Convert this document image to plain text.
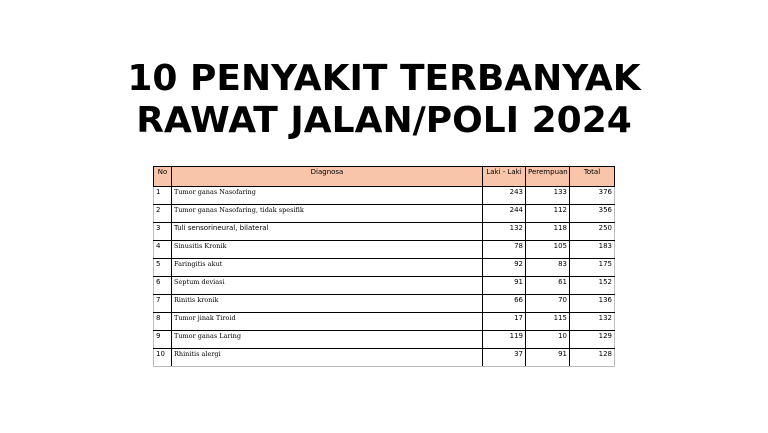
10 PENYAKIT TERBANYAK
RAWAT JALAN/POLI 2024
No	Diagnosa	Laki - Laki	Perempuan	Total
1	Tumor ganas Nasofaring	243	133	376
2	Tumor ganas Nasofaring, tidak spesifik	244	112	356
3	Tuli sensorineural, bilateral	132	118	250
4	Sinusitis Kronik	78	105	183
5	Faringitis akut	92	83	175
6	Septum deviasi	91	61	152
7	Rinitis kronik	66	70	136
8	Tumor jinak Tiroid	17	115	132
9	Tumor ganas Laring	119	10	129
10	Rhinitis alergi	37	91	128
